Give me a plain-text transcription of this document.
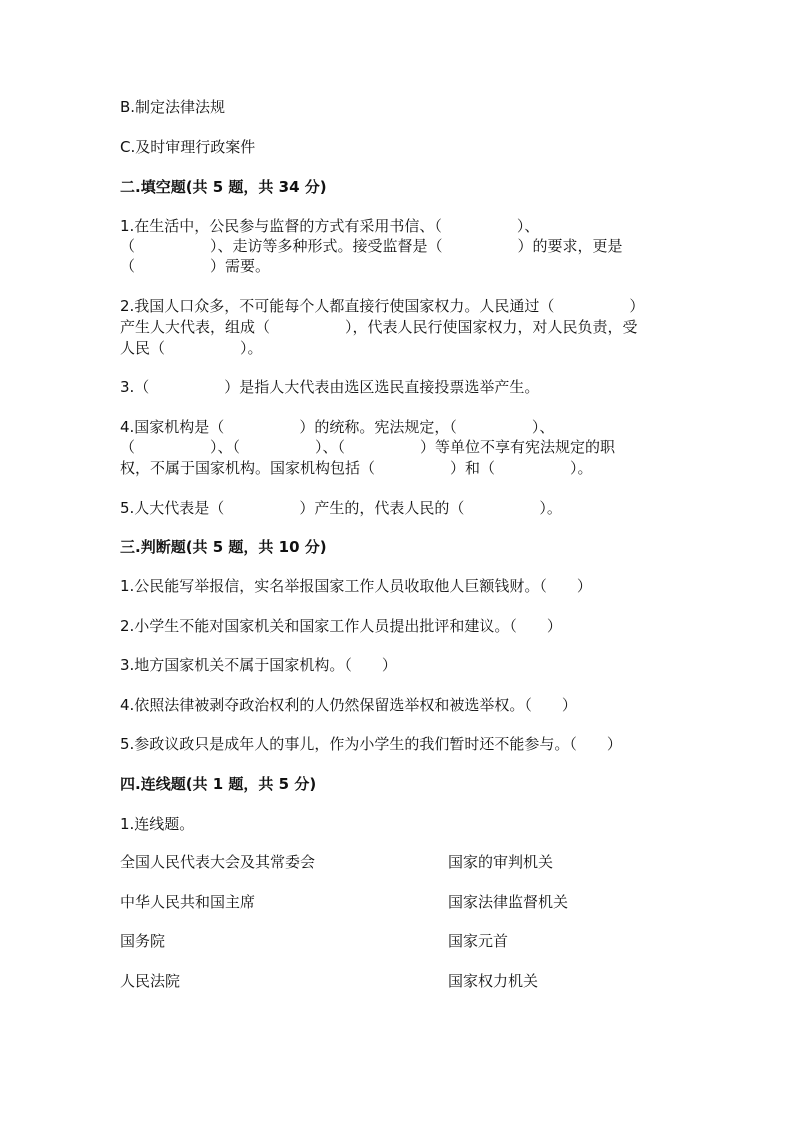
B.制定法律法规
C.及时审理行政案件
二.填空题(共 5 题，共 34 分)
1.在生活中，公民参与监督的方式有采用书信、（　　　　　）、
（　　　　　）、走访等多种形式。接受监督是（　　　　　）的要求，更是
（　　　　　）需要。
2.我国人口众多，不可能每个人都直接行使国家权力。人民通过（　　　　　）
产生人大代表，组成（　　　　　），代表人民行使国家权力，对人民负责，受
人民（　　　　　）。
3.（　　　　　）是指人大代表由选区选民直接投票选举产生。
4.国家机构是（　　　　　）的统称。宪法规定，（　　　　　）、
（　　　　　）、（　　　　　）、（　　　　　）等单位不享有宪法规定的职
权，不属于国家机构。国家机构包括（　　　　　）和（　　　　　）。
5.人大代表是（　　　　　）产生的，代表人民的（　　　　　）。
三.判断题(共 5 题，共 10 分)
1.公民能写举报信，实名举报国家工作人员收取他人巨额钱财。（　　）
2.小学生不能对国家机关和国家工作人员提出批评和建议。（　　）
3.地方国家机关不属于国家机构。（　　）
4.依照法律被剥夺政治权利的人仍然保留选举权和被选举权。（　　）
5.参政议政只是成年人的事儿，作为小学生的我们暂时还不能参与。（　　）
四.连线题(共 1 题，共 5 分)
1.连线题。
全国人民代表大会及其常委会	国家的审判机关
中华人民共和国主席	国家法律监督机关
国务院	国家元首
人民法院	国家权力机关
